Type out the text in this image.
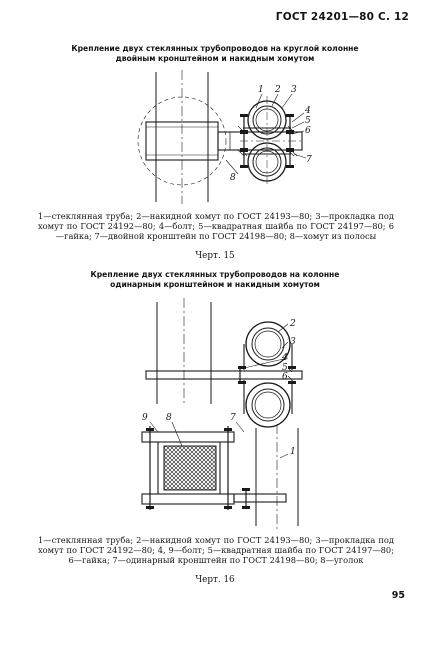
ГОСТ 24201—80 С. 12
Крепление двух стеклянных трубопроводов на круглой колонне
двойным кронштейном и накидным хомутом
1 2 3
4
5
6
7
8
1—стеклянная труба; 2—накидной хомут по ГОСТ 24193—80; 3—прокладка под хомут по ГОСТ 24192—80; 4—болт; 5—квадратная шайба по ГОСТ 24197—80; 6—гайка; 7—двойной кронштейн по ГОСТ 24198—80; 8—хомут из полосы
Черт. 15
Крепление двух стеклянных трубопроводов на колонне
одинарным кронштейном и накидным хомутом
2
3
4
5
6
9 8	7
1
1—стеклянная труба; 2—накидной хомут по ГОСТ 24193—80; 3—прокладка под хомут по ГОСТ 24192—80; 4, 9—болт; 5—квадратная шайба по ГОСТ 24197—80; 6—гайка; 7—одинарный кронштейн по ГОСТ 24198—80; 8—уголок
Черт. 16
95
